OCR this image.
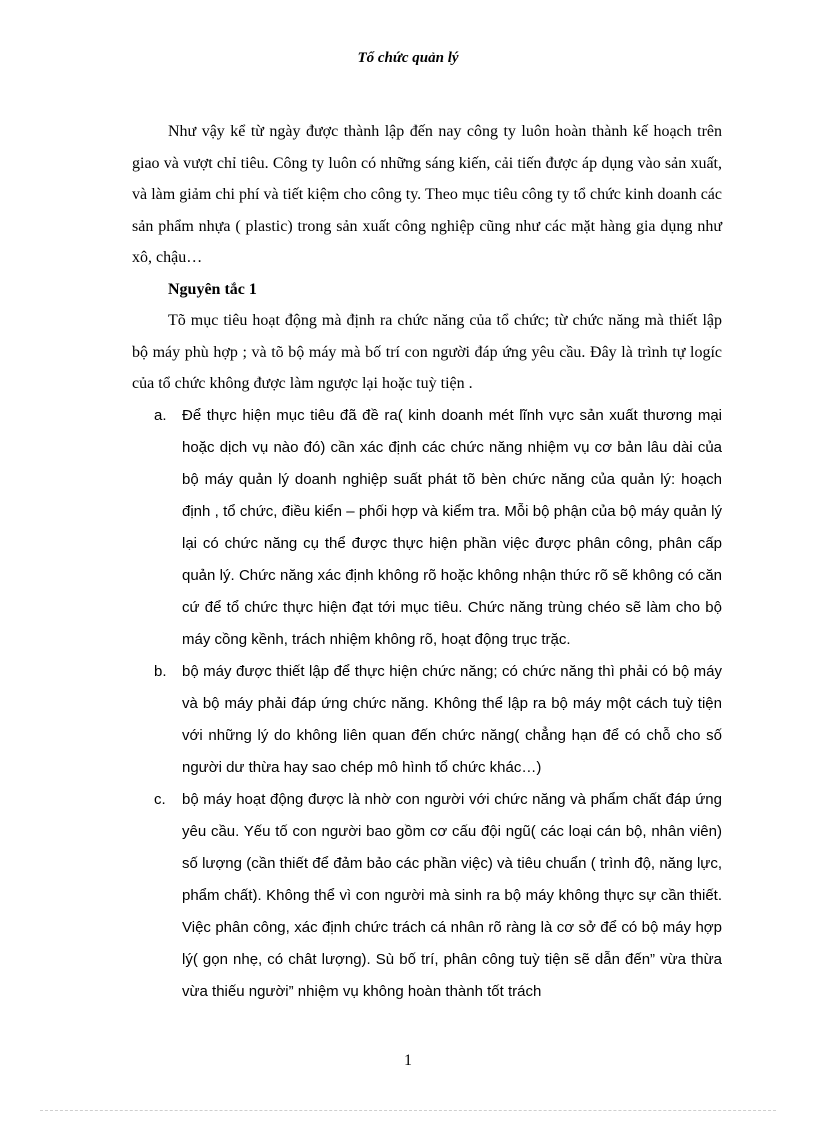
Tổ chức quản lý

Như vậy kể từ ngày được thành lập đến nay công ty luôn hoàn thành kế hoạch trên giao và vượt chỉ tiêu. Công ty luôn có những sáng kiến, cải tiến được áp dụng vào sản xuất, và làm giảm chi phí và tiết kiệm cho công ty. Theo mục tiêu công ty tổ chức kinh doanh các sản phẩm nhựa ( plastic) trong sản xuất công nghiệp cũng như các mặt hàng gia dụng như xô, chậu…

Nguyên tắc 1

Tõ mục tiêu hoạt động mà định ra chức năng của tổ chức; từ chức năng mà thiết lập bộ máy phù hợp ; và tõ bộ máy mà bố trí con người đáp ứng yêu cầu. Đây là trình tự logíc của tổ chức không được làm ngược lại hoặc tuỳ tiện .

a. Để thực hiện mục tiêu đã đề ra( kinh doanh mét lĩnh vực sản xuất thương mại hoặc dịch vụ nào đó) cần xác định các chức năng nhiệm vụ cơ bản lâu dài của bộ máy quản lý doanh nghiệp suất phát tõ bèn chức năng của quản lý: hoạch định , tổ chức, điều kiển – phối hợp và kiểm tra. Mỗi bộ phận của bộ máy quản lý lại có chức năng cụ thể được thực hiện phần việc được phân công, phân cấp quản lý. Chức năng xác định không rõ hoặc không nhận thức rõ sẽ không có căn cứ để tổ chức thực hiện đạt tới mục tiêu. Chức năng trùng chéo sẽ làm cho bộ máy cồng kềnh, trách nhiệm không rõ, hoạt động trục trặc.
b. bộ máy được thiết lập để thực hiện chức năng; có chức năng thì phải có bộ máy và bộ máy phải đáp ứng chức năng. Không thể lập ra bộ máy một cách tuỳ tiện với những lý do không liên quan đến chức năng( chẳng hạn để có chỗ cho số người dư thừa hay sao chép mô hình tổ chức khác…)
c. bộ máy hoạt động được là nhờ con người với chức năng và phẩm chất đáp ứng yêu cầu. Yếu tố con người bao gồm cơ cấu đội ngũ( các loại cán bộ, nhân viên) số lượng (cần thiết để đảm bảo các phần việc) và tiêu chuẩn ( trình độ, năng lực, phẩm chất). Không thể vì con người mà sinh ra bộ máy không thực sự cần thiết. Việc phân công, xác định chức trách cá nhân rõ ràng là cơ sở để có bộ máy hợp lý( gọn nhẹ, có chât lượng). Sù bố trí, phân công tuỳ tiện sẽ dẫn đến” vừa thừa vừa thiếu người” nhiệm vụ không hoàn thành tốt trách
1
